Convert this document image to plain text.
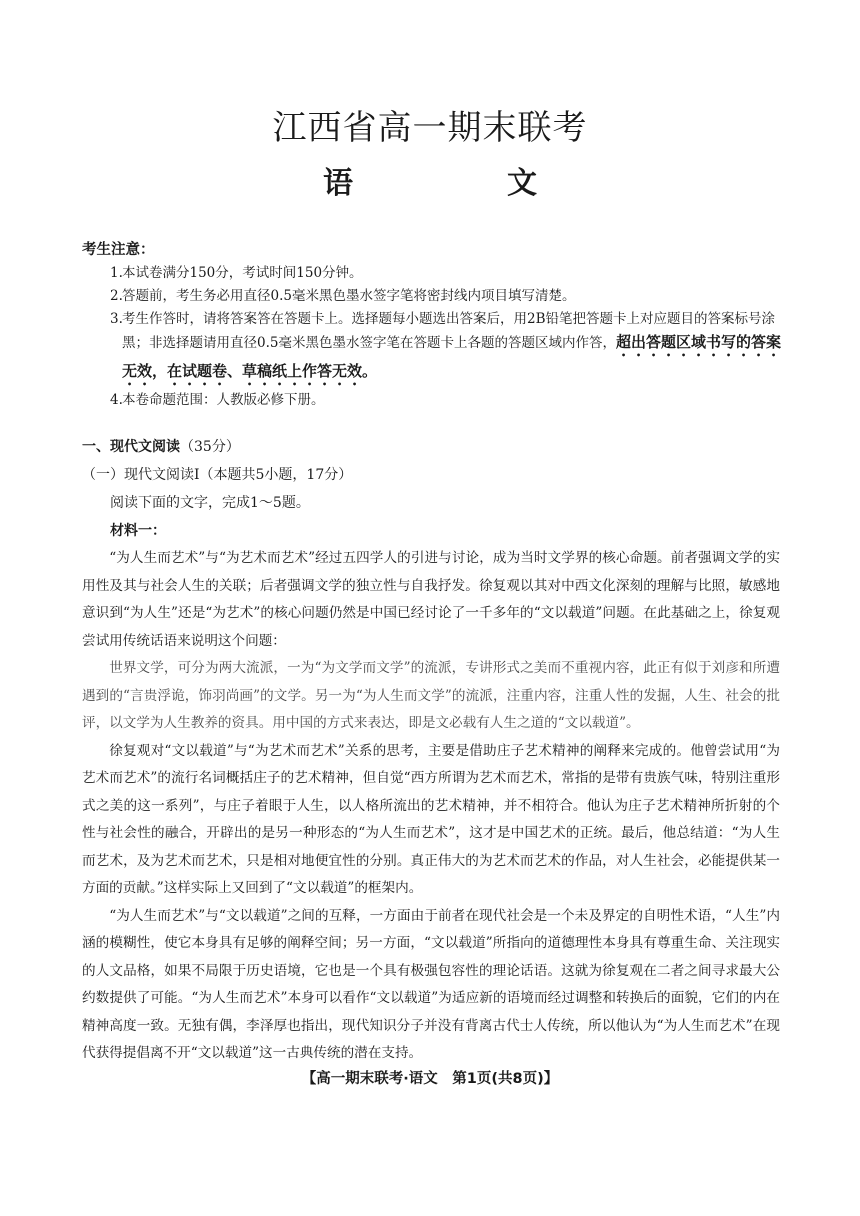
江西省高一期末联考
语　文
考生注意：
1.本试卷满分150分，考试时间150分钟。
2.答题前，考生务必用直径0.5毫米黑色墨水签字笔将密封线内项目填写清楚。
3.考生作答时，请将答案答在答题卡上。选择题每小题选出答案后，用2B铅笔把答题卡上对应题目的答案标号涂黑；非选择题请用直径0.5毫米黑色墨水签字笔在答题卡上各题的答题区域内作答，超出答题区域书写的答案无效，在试题卷、草稿纸上作答无效。
4.本卷命题范围：人教版必修下册。
一、现代文阅读（35分）
（一）现代文阅读Ⅰ（本题共5小题，17分）
阅读下面的文字，完成1～5题。
材料一：

“为人生而艺术”与“为艺术而艺术”经过五四学人的引进与讨论，成为当时文学界的核心命题。前者强调文学的实用性及其与社会人生的关联；后者强调文学的独立性与自我抒发。徐复观以其对中西文化深刻的理解与比照，敏感地意识到“为人生”还是“为艺术”的核心问题仍然是中国已经讨论了一千多年的“文以载道”问题。在此基础之上，徐复观尝试用传统话语来说明这个问题：

世界文学，可分为两大流派，一为“为文学而文学”的流派，专讲形式之美而不重视内容，此正有似于刘彦和所遭遇到的“言贵浮诡，饰羽尚画”的文学。另一为“为人生而文学”的流派，注重内容，注重人性的发掘，人生、社会的批评，以文学为人生教养的资具。用中国的方式来表达，即是文必载有人生之道的“文以载道”。

徐复观对“文以载道”与“为艺术而艺术”关系的思考，主要是借助庄子艺术精神的阐释来完成的。他曾尝试用“为艺术而艺术”的流行名词概括庄子的艺术精神，但自觉“西方所谓为艺术而艺术，常指的是带有贵族气味，特别注重形式之美的这一系列”，与庄子着眼于人生，以人格所流出的艺术精神，并不相符合。他认为庄子艺术精神所折射的个性与社会性的融合，开辟出的是另一种形态的“为人生而艺术”，这才是中国艺术的正统。最后，他总结道：“为人生而艺术，及为艺术而艺术，只是相对地便宜性的分别。真正伟大的为艺术而艺术的作品，对人生社会，必能提供某一方面的贡献。”这样实际上又回到了“文以载道”的框架内。

“为人生而艺术”与“文以载道”之间的互释，一方面由于前者在现代社会是一个未及界定的自明性术语，“人生”内涵的模糊性，使它本身具有足够的阐释空间；另一方面，“文以载道”所指向的道德理性本身具有尊重生命、关注现实的人文品格，如果不局限于历史语境，它也是一个具有极强包容性的理论话语。这就为徐复观在二者之间寻求最大公约数提供了可能。“为人生而艺术”本身可以看作“文以载道”为适应新的语境而经过调整和转换后的面貌，它们的内在精神高度一致。无独有偶，李泽厚也指出，现代知识分子并没有背离古代士人传统，所以他认为“为人生而艺术”在现代获得提倡离不开“文以载道”这一古典传统的潜在支持。

【高一期末联考·语文　第1页(共8页)】
